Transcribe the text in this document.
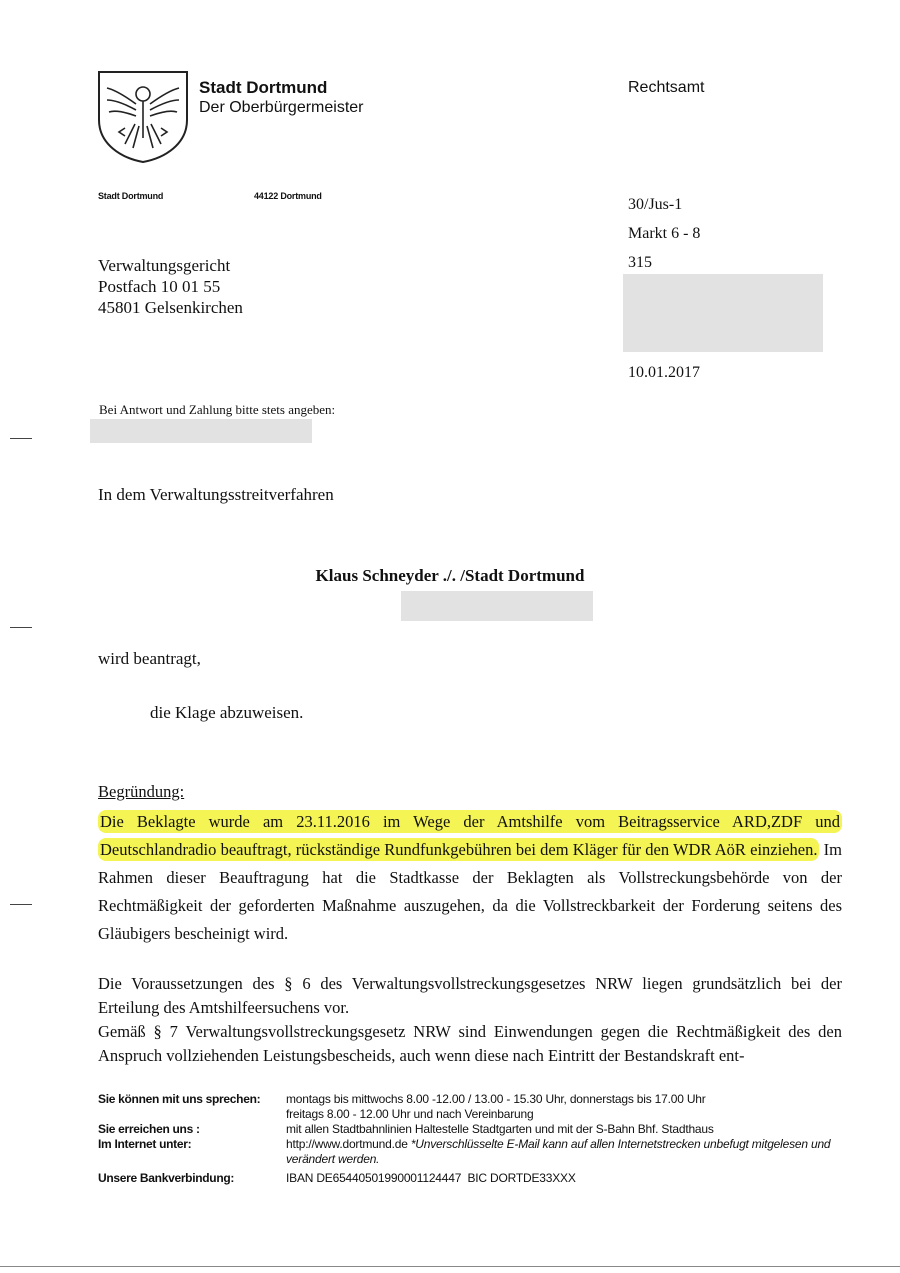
Stadt Dortmund
Der Oberbürgermeister
Rechtsamt
Stadt Dortmund	44122 Dortmund	30/Jus-1
Markt 6 - 8
315
10.01.2017
Verwaltungsgericht
Postfach 10 01 55
45801 Gelsenkirchen
Bei Antwort und Zahlung bitte stets angeben:
In dem Verwaltungsstreitverfahren
Klaus Schneyder ./. /Stadt Dortmund
wird beantragt,
die Klage abzuweisen.
Begründung:

Die Beklagte wurde am 23.11.2016 im Wege der Amtshilfe vom Beitragsservice ARD,ZDF und Deutschlandradio beauftragt, rückständige Rundfunkgebühren bei dem Kläger für den WDR AöR einziehen. Im Rahmen dieser Beauftragung hat die Stadtkasse der Beklagten als Vollstreckungsbehörde von der Rechtmäßigkeit der geforderten Maßnahme auszugehen, da die Vollstreckbarkeit der Forderung seitens des Gläubigers bescheinigt wird.

Die Voraussetzungen des § 6 des Verwaltungsvollstreckungsgesetzes NRW liegen grundsätzlich bei der Erteilung des Amtshilfeersuchens vor.

Gemäß § 7 Verwaltungsvollstreckungsgesetz NRW sind Einwendungen gegen die Rechtmäßigkeit des den Anspruch vollziehenden Leistungsbescheids, auch wenn diese nach Eintritt der Bestandskraft ent-

Sie können mit uns sprechen:	montags bis mittwochs 8.00 -12.00 / 13.00 - 15.30 Uhr, donnerstags bis 17.00 Uhr
freitags 8.00 - 12.00 Uhr und nach Vereinbarung
Sie erreichen uns :	mit allen Stadtbahnlinien Haltestelle Stadtgarten und mit der S-Bahn Bhf. Stadthaus
Im Internet unter:	http://www.dortmund.de *Unverschlüsselte E-Mail kann auf allen Internetstrecken unbefugt mitgelesen und verändert werden.
Unsere Bankverbindung:	IBAN DE65440501990001124447 BIC DORTDE33XXX
